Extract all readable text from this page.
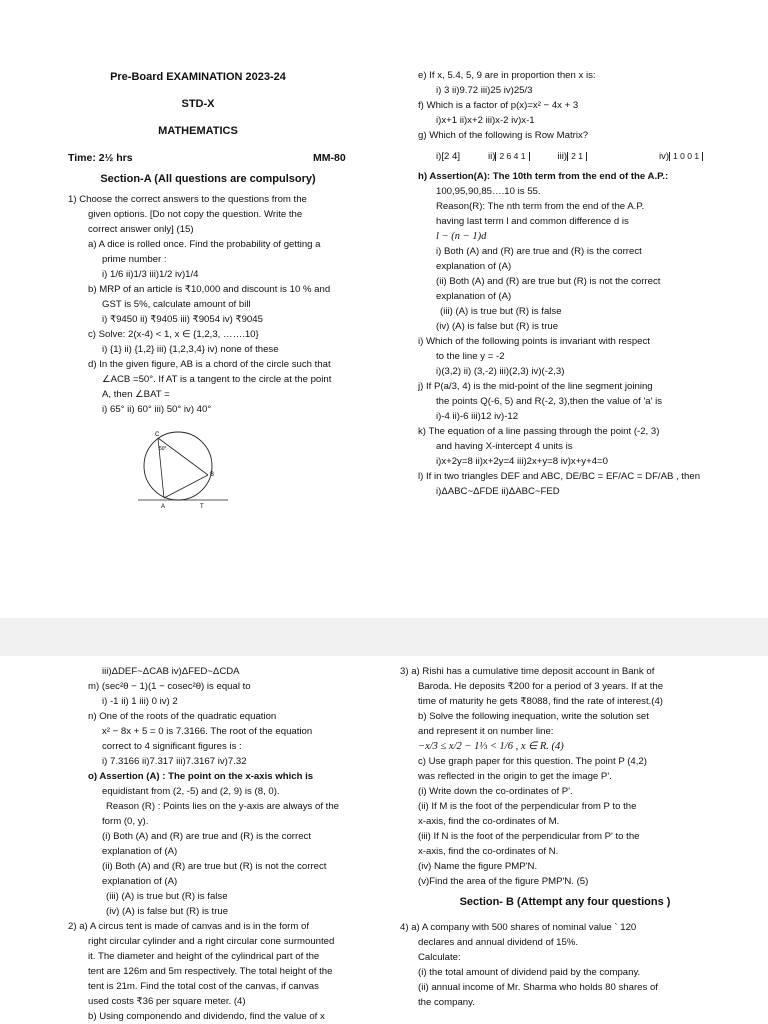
Pre-Board EXAMINATION 2023-24
STD-X
MATHEMATICS
Time: 2½ hrs	MM-80
Section-A (All questions are compulsory)
1) Choose the correct answers to the questions from the
given options. [Do not copy the question. Write the
correct answer only] (15)
a) A dice is rolled once. Find the probability of getting a
prime number :
i) 1/6 ii)1/3 iii)1/2 iv)1/4
b) MRP of an article is ₹10,000 and discount is 10 % and
GST is 5%, calculate amount of bill
i) ₹9450 ii) ₹9405 iii) ₹9054 iv) ₹9045
c) Solve: 2(x-4) < 1, x ∈ {1,2,3, …….10}
i) {1} ii) {1,2} iii) {1,2,3,4} iv) none of these
d) In the given figure, AB is a chord of the circle such that
∠ACB =50°. If AT is a tangent to the circle at the point
A, then ∠BAT =
i) 65° ii) 60° iii) 50° iv) 40°
C
B
A	T
50°
e) If x, 5.4, 5, 9 are in proportion then x is:
i) 3 ii)9.72 iii)25 iv)25/3
f) Which is a factor of p(x)=x² − 4x + 3
i)x+1 ii)x+2 iii)x-2 iv)x-1
g) Which of the following is Row Matrix?
i)[2 4]	ii) 2 6 4 1	iii) 2 1	iv) 1 0 0 1
h) Assertion(A): The 10th term from the end of the A.P.:
100,95,90,85….10 is 55.
Reason(R): The nth term from the end of the A.P.
having last term l and common difference d is
l − (n − 1)d
i) Both (A) and (R) are true and (R) is the correct
explanation of (A)
(ii) Both (A) and (R) are true but (R) is not the correct
explanation of (A)
(iii) (A) is true but (R) is false
(iv) (A) is false but (R) is true
i) Which of the following points is invariant with respect
to the line y = -2
i)(3,2) ii) (3,-2) iii)(2,3) iv)(-2,3)
j) If P(a/3, 4) is the mid-point of the line segment joining
the points Q(-6, 5) and R(-2, 3),then the value of 'a' is
i)-4 ii)-6 iii)12 iv)-12
k) The equation of a line passing through the point (-2, 3)
and having X-intercept 4 units is
i)x+2y=8 ii)x+2y=4 iii)2x+y=8 iv)x+y+4=0
l) If in two triangles DEF and ABC, DE/BC = EF/AC = DF/AB , then
i)ΔABC~ΔFDE ii)ΔABC~FED
iii)ΔDEF~ΔCAB iv)ΔFED~ΔCDA
m) (sec²θ − 1)(1 − cosec²θ) is equal to
i) -1 ii) 1 iii) 0 iv) 2
n) One of the roots of the quadratic equation
x² − 8x + 5 = 0 is 7.3166. The root of the equation
correct to 4 significant figures is :
i) 7.3166 ii)7.317 iii)7.3167 iv)7.32
o) Assertion (A) : The point on the x-axis which is
equidistant from (2, -5) and (2, 9) is (8, 0).
Reason (R) : Points lies on the y-axis are always of the
form (0, y).
(i) Both (A) and (R) are true and (R) is the correct
explanation of (A)
(ii) Both (A) and (R) are true but (R) is not the correct
explanation of (A)
(iii) (A) is true but (R) is false
(iv) (A) is false but (R) is true
2) a) A circus tent is made of canvas and is in the form of
right circular cylinder and a right circular cone surmounted
it. The diameter and height of the cylindrical part of the
tent are 126m and 5m respectively. The total height of the
tent is 21m. Find the total cost of the canvas, if canvas
used costs ₹36 per square meter. (4)
b) Using componendo and dividendo, find the value of x
3) a) Rishi has a cumulative time deposit account in Bank of
Baroda. He deposits ₹200 for a period of 3 years. If at the
time of maturity he gets ₹8088, find the rate of interest.(4)
b) Solve the following inequation, write the solution set
and represent it on number line:
−x/3 ≤ x/2 − 1⅓ < 1/6 , x ∈ R. (4)
c) Use graph paper for this question. The point P (4,2)
was reflected in the origin to get the image P'.
(i) Write down the co-ordinates of P'.
(ii) If M is the foot of the perpendicular from P to the
x-axis, find the co-ordinates of M.
(iii) If N is the foot of the perpendicular from P' to the
x-axis, find the co-ordinates of N.
(iv) Name the figure PMP'N.
(v)Find the area of the figure PMP'N. (5)
Section- B (Attempt any four questions )
4) a) A company with 500 shares of nominal value ` 120
declares and annual dividend of 15%.
Calculate:
(i) the total amount of dividend paid by the company.
(ii) annual income of Mr. Sharma who holds 80 shares of
the company.
